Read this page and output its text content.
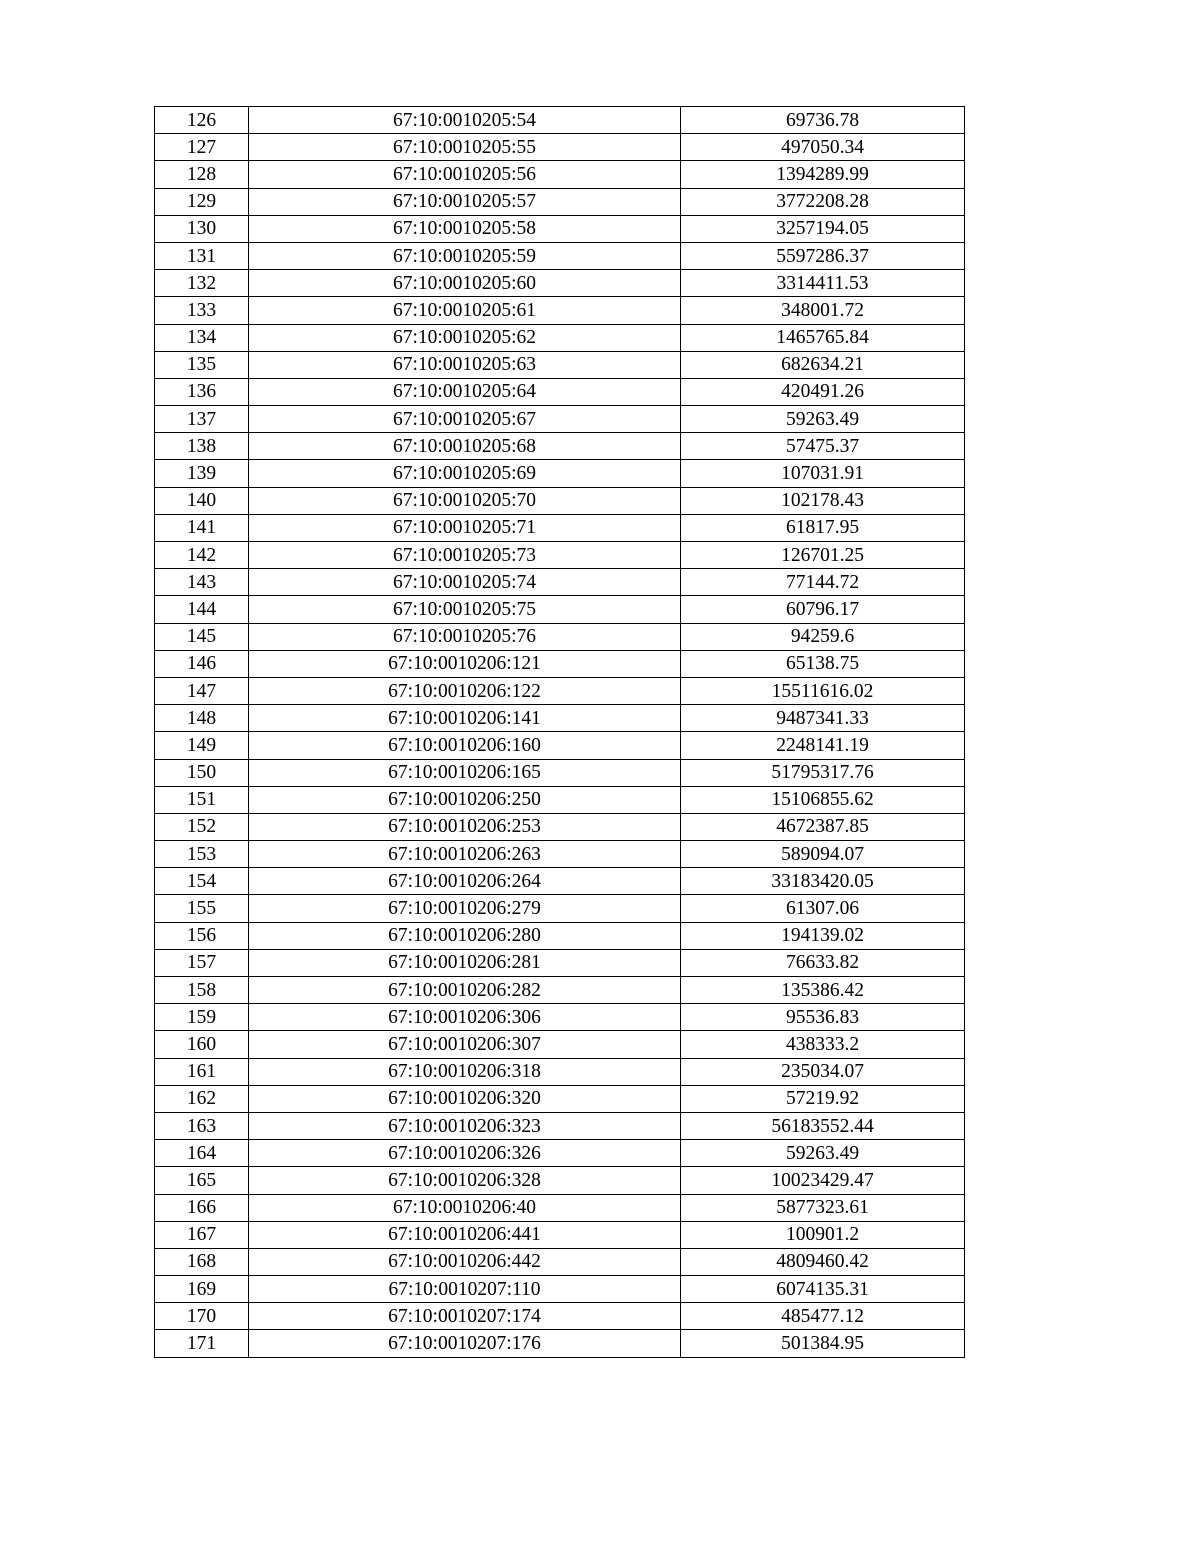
126	67:10:0010205:54	69736.78
127	67:10:0010205:55	497050.34
128	67:10:0010205:56	1394289.99
129	67:10:0010205:57	3772208.28
130	67:10:0010205:58	3257194.05
131	67:10:0010205:59	5597286.37
132	67:10:0010205:60	3314411.53
133	67:10:0010205:61	348001.72
134	67:10:0010205:62	1465765.84
135	67:10:0010205:63	682634.21
136	67:10:0010205:64	420491.26
137	67:10:0010205:67	59263.49
138	67:10:0010205:68	57475.37
139	67:10:0010205:69	107031.91
140	67:10:0010205:70	102178.43
141	67:10:0010205:71	61817.95
142	67:10:0010205:73	126701.25
143	67:10:0010205:74	77144.72
144	67:10:0010205:75	60796.17
145	67:10:0010205:76	94259.6
146	67:10:0010206:121	65138.75
147	67:10:0010206:122	15511616.02
148	67:10:0010206:141	9487341.33
149	67:10:0010206:160	2248141.19
150	67:10:0010206:165	51795317.76
151	67:10:0010206:250	15106855.62
152	67:10:0010206:253	4672387.85
153	67:10:0010206:263	589094.07
154	67:10:0010206:264	33183420.05
155	67:10:0010206:279	61307.06
156	67:10:0010206:280	194139.02
157	67:10:0010206:281	76633.82
158	67:10:0010206:282	135386.42
159	67:10:0010206:306	95536.83
160	67:10:0010206:307	438333.2
161	67:10:0010206:318	235034.07
162	67:10:0010206:320	57219.92
163	67:10:0010206:323	56183552.44
164	67:10:0010206:326	59263.49
165	67:10:0010206:328	10023429.47
166	67:10:0010206:40	5877323.61
167	67:10:0010206:441	100901.2
168	67:10:0010206:442	4809460.42
169	67:10:0010207:110	6074135.31
170	67:10:0010207:174	485477.12
171	67:10:0010207:176	501384.95
